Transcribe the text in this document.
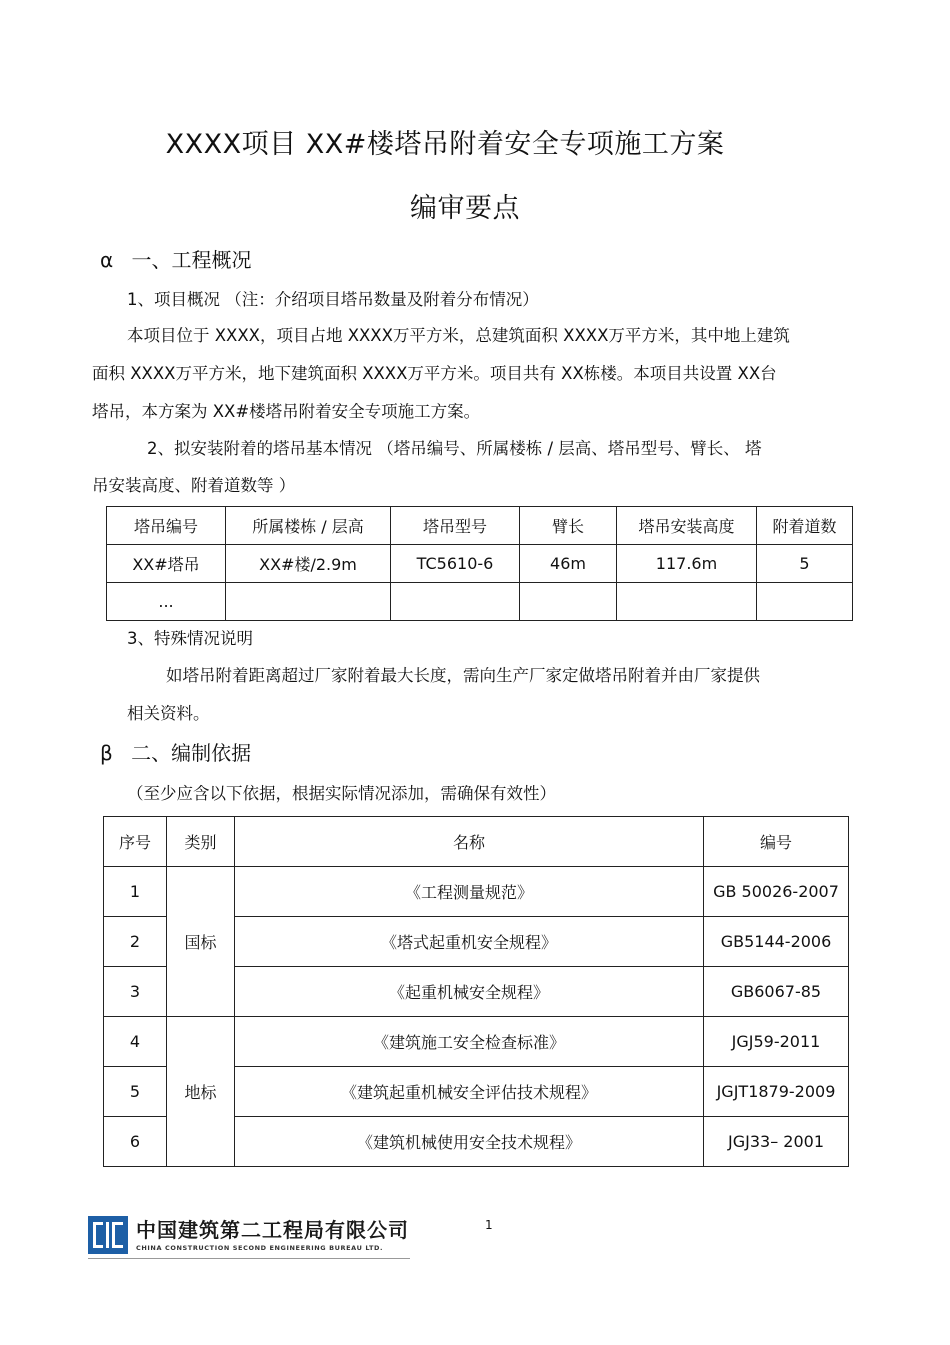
XXXX项目 XX#楼塔吊附着安全专项施工方案
编审要点
α 一、工程概况
1、项目概况 （注：介绍项目塔吊数量及附着分布情况）
本项目位于 XXXX，项目占地 XXXX万平方米，总建筑面积 XXXX万平方米，其中地上建筑
面积 XXXX万平方米，地下建筑面积 XXXX万平方米。项目共有 XX栋楼。本项目共设置 XX台
塔吊，本方案为 XX#楼塔吊附着安全专项施工方案。
2、拟安装附着的塔吊基本情况 （塔吊编号、所属楼栋 / 层高、塔吊型号、臂长、 塔
吊安装高度、附着道数等 ）
塔吊编号	所属楼栋 / 层高	塔吊型号	臂长	塔吊安装高度	附着道数
XX#塔吊	XX#楼/2.9m	TC5610-6	46m	117.6m	5
...					
3、特殊情况说明
如塔吊附着距离超过厂家附着最大长度，需向生产厂家定做塔吊附着并由厂家提供
相关资料。
β 二、编制依据
（至少应含以下依据，根据实际情况添加，需确保有效性）
序号	类别	名称	编号
1	国标	《工程测量规范》	GB 50026-2007
2		《塔式起重机安全规程》	GB5144-2006
3		《起重机械安全规程》	GB6067-85
4	地标	《建筑施工安全检查标准》	JGJ59-2011
5		《建筑起重机械安全评估技术规程》	JGJT1879-2009
6		《建筑机械使用安全技术规程》	JGJ33– 2001
中国建筑第二工程局有限公司
CHINA CONSTRUCTION SECOND ENGINEERING BUREAU LTD.
1
